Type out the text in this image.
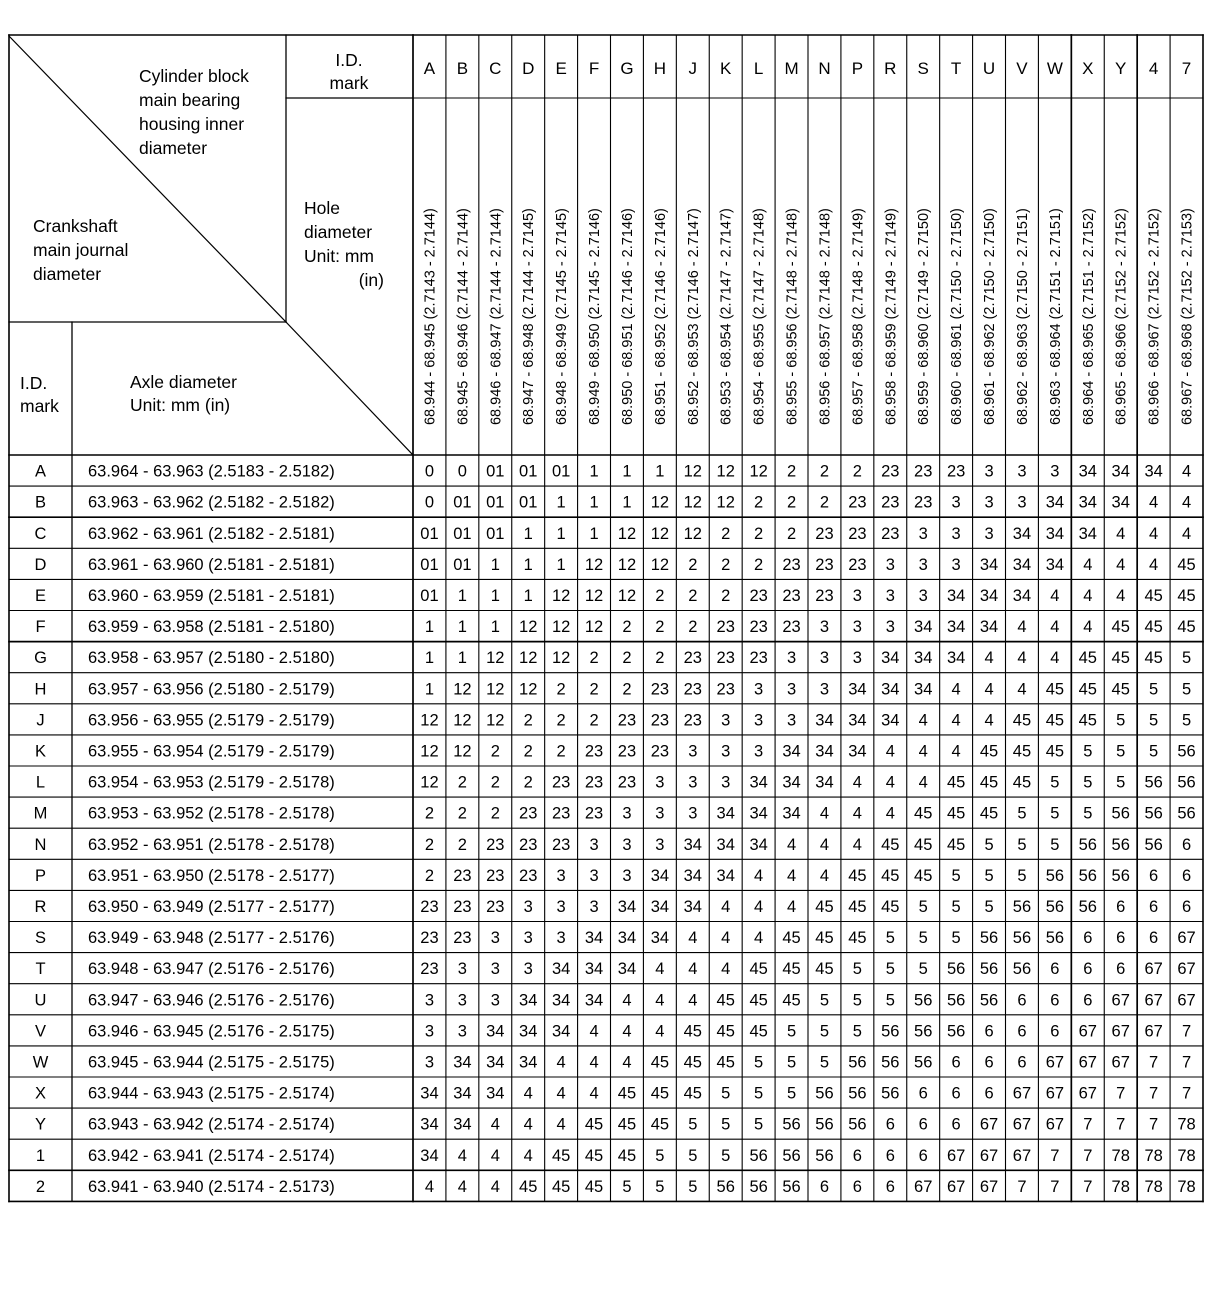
I.D.
mark
Cylinder block
main bearing
housing inner
diameter
Crankshaft
main journal
diameter
Hole
diameter
Unit: mm
(in)
I.D.
mark
Axle diameter
Unit: mm (in)
A
68.944 - 68.945 (2.7143 - 2.7144)
B
68.945 - 68.946 (2.7144 - 2.7144)
C
68.946 - 68.947 (2.7144 - 2.7144)
D
68.947 - 68.948 (2.7144 - 2.7145)
E
68.948 - 68.949 (2.7145 - 2.7145)
F
68.949 - 68.950 (2.7145 - 2.7146)
G
68.950 - 68.951 (2.7146 - 2.7146)
H
68.951 - 68.952 (2.7146 - 2.7146)
J
68.952 - 68.953 (2.7146 - 2.7147)
K
68.953 - 68.954 (2.7147 - 2.7147)
L
68.954 - 68.955 (2.7147 - 2.7148)
M
68.955 - 68.956 (2.7148 - 2.7148)
N
68.956 - 68.957 (2.7148 - 2.7148)
P
68.957 - 68.958 (2.7148 - 2.7149)
R
68.958 - 68.959 (2.7149 - 2.7149)
S
68.959 - 68.960 (2.7149 - 2.7150)
T
68.960 - 68.961 (2.7150 - 2.7150)
U
68.961 - 68.962 (2.7150 - 2.7150)
V
68.962 - 68.963 (2.7150 - 2.7151)
W
68.963 - 68.964 (2.7151 - 2.7151)
X
68.964 - 68.965 (2.7151 - 2.7152)
Y
68.965 - 68.966 (2.7152 - 2.7152)
4
68.966 - 68.967 (2.7152 - 2.7152)
7
68.967 - 68.968 (2.7152 - 2.7153)
A	63.964 - 63.963 (2.5183 - 2.5182)	0 0 01 01 01 1 1 1 12 12 12 2 2 2 23 23 23 3 3 3 34 34 34 4
B	63.963 - 63.962 (2.5182 - 2.5182)	0 01 01 01 1 1 1 12 12 12 2 2 2 23 23 23 3 3 3 34 34 34 4 4
C	63.962 - 63.961 (2.5182 - 2.5181)	01 01 01 1 1 1 12 12 12 2 2 2 23 23 23 3 3 3 34 34 34 4 4 4
D	63.961 - 63.960 (2.5181 - 2.5181)	01 01 1 1 1 12 12 12 2 2 2 23 23 23 3 3 3 34 34 34 4 4 4 45
E	63.960 - 63.959 (2.5181 - 2.5181)	01 1 1 1 12 12 12 2 2 2 23 23 23 3 3 3 34 34 34 4 4 4 45 45
F	63.959 - 63.958 (2.5181 - 2.5180)	1 1 1 12 12 12 2 2 2 23 23 23 3 3 3 34 34 34 4 4 4 45 45 45
G 63.958 - 63.957 (2.5180 - 2.5180)	1 1 12 12 12 2 2 2 23 23 23 3 3 3 34 34 34 4 4 4 45 45 45 5
H	63.957 - 63.956 (2.5180 - 2.5179)	1 12 12 12 2 2 2 23 23 23 3 3 3 34 34 34 4 4 4 45 45 45 5 5
J	63.956 - 63.955 (2.5179 - 2.5179)	12 12 12 2 2 2 23 23 23 3 3 3 34 34 34 4 4 4 45 45 45 5 5 5
K	63.955 - 63.954 (2.5179 - 2.5179)	12 12 2 2 2 23 23 23 3 3 3 34 34 34 4 4 4 45 45 45 5 5 5 56
L	63.954 - 63.953 (2.5179 - 2.5178)	12 2 2 2 23 23 23 3 3 3 34 34 34 4 4 4 45 45 45 5 5 5 56 56
M 63.953 - 63.952 (2.5178 - 2.5178)	2 2 2 23 23 23 3 3 3 34 34 34 4 4 4 45 45 45 5 5 5 56 56 56
N	63.952 - 63.951 (2.5178 - 2.5178)	2 2 23 23 23 3 3 3 34 34 34 4 4 4 45 45 45 5 5 5 56 56 56 6
P	63.951 - 63.950 (2.5178 - 2.5177)	2 23 23 23 3 3 3 34 34 34 4 4 4 45 45 45 5 5 5 56 56 56 6 6
R	63.950 - 63.949 (2.5177 - 2.5177)	23 23 23 3 3 3 34 34 34 4 4 4 45 45 45 5 5 5 56 56 56 6 6 6
S	63.949 - 63.948 (2.5177 - 2.5176)	23 23 3 3 3 34 34 34 4 4 4 45 45 45 5 5 5 56 56 56 6 6 6 67
T	63.948 - 63.947 (2.5176 - 2.5176)	23 3 3 3 34 34 34 4 4 4 45 45 45 5 5 5 56 56 56 6 6 6 67 67
U	63.947 - 63.946 (2.5176 - 2.5176)	3 3 3 34 34 34 4 4 4 45 45 45 5 5 5 56 56 56 6 6 6 67 67 67
V	63.946 - 63.945 (2.5176 - 2.5175)	3 3 34 34 34 4 4 4 45 45 45 5 5 5 56 56 56 6 6 6 67 67 67 7
W 63.945 - 63.944 (2.5175 - 2.5175)	3 34 34 34 4 4 4 45 45 45 5 5 5 56 56 56 6 6 6 67 67 67 7 7
X	63.944 - 63.943 (2.5175 - 2.5174)	34 34 34 4 4 4 45 45 45 5 5 5 56 56 56 6 6 6 67 67 67 7 7 7
Y	63.943 - 63.942 (2.5174 - 2.5174)	34 34 4 4 4 45 45 45 5 5 5 56 56 56 6 6 6 67 67 67 7 7 7 78
1	63.942 - 63.941 (2.5174 - 2.5174)	34 4 4 4 45 45 45 5 5 5 56 56 56 6 6 6 67 67 67 7 7 78 78 78
2	63.941 - 63.940 (2.5174 - 2.5173)	4 4 4 45 45 45 5 5 5 56 56 56 6 6 6 67 67 67 7 7 7 78 78 78
